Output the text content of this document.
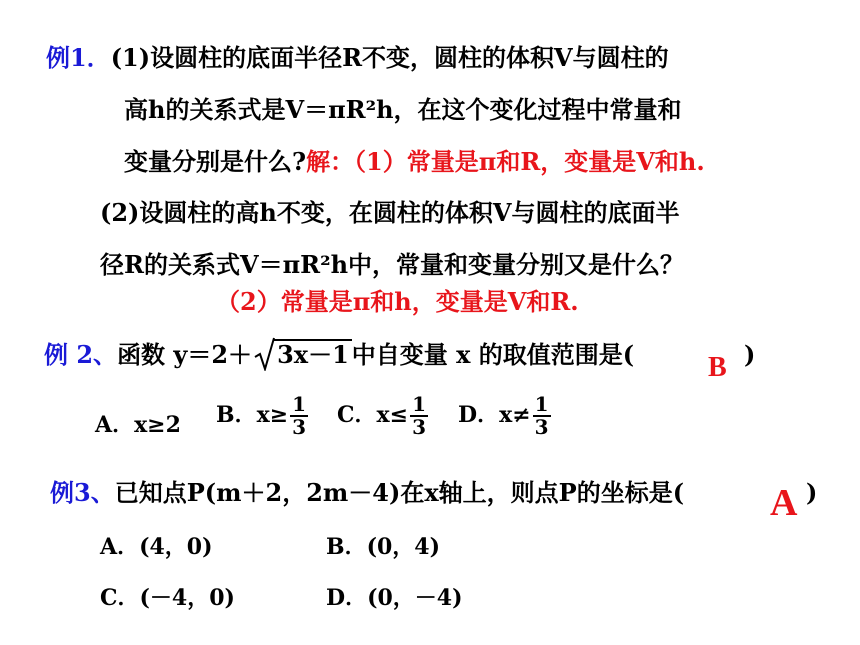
例1．(1)设圆柱的底面半径R不变，圆柱的体积V与圆柱的
高h的关系式是V＝πR²h，在这个变化过程中常量和
变量分别是什么?解：（1）常量是π和R，变量是V和h.
(2)设圆柱的高h不变，在圆柱的体积V与圆柱的底面半
径R的关系式V＝πR²h中，常量和变量分别又是什么？
（2）常量是π和h，变量是V和R.
例 2、函数 y＝2＋ 3x－1 中自变量 x 的取值范围是(	B )
A．x≥2 B．$x\ge \frac{1}{3}$ C．$x\le \frac{1}{3}$ D．$x\ne \frac{1}{3}$
例3、已知点P(m＋2，2m－4)在x轴上，则点P的坐标是( A )
A．(4，0)	B．(0，4)
C．(－4，0)	D．(0，－4)
